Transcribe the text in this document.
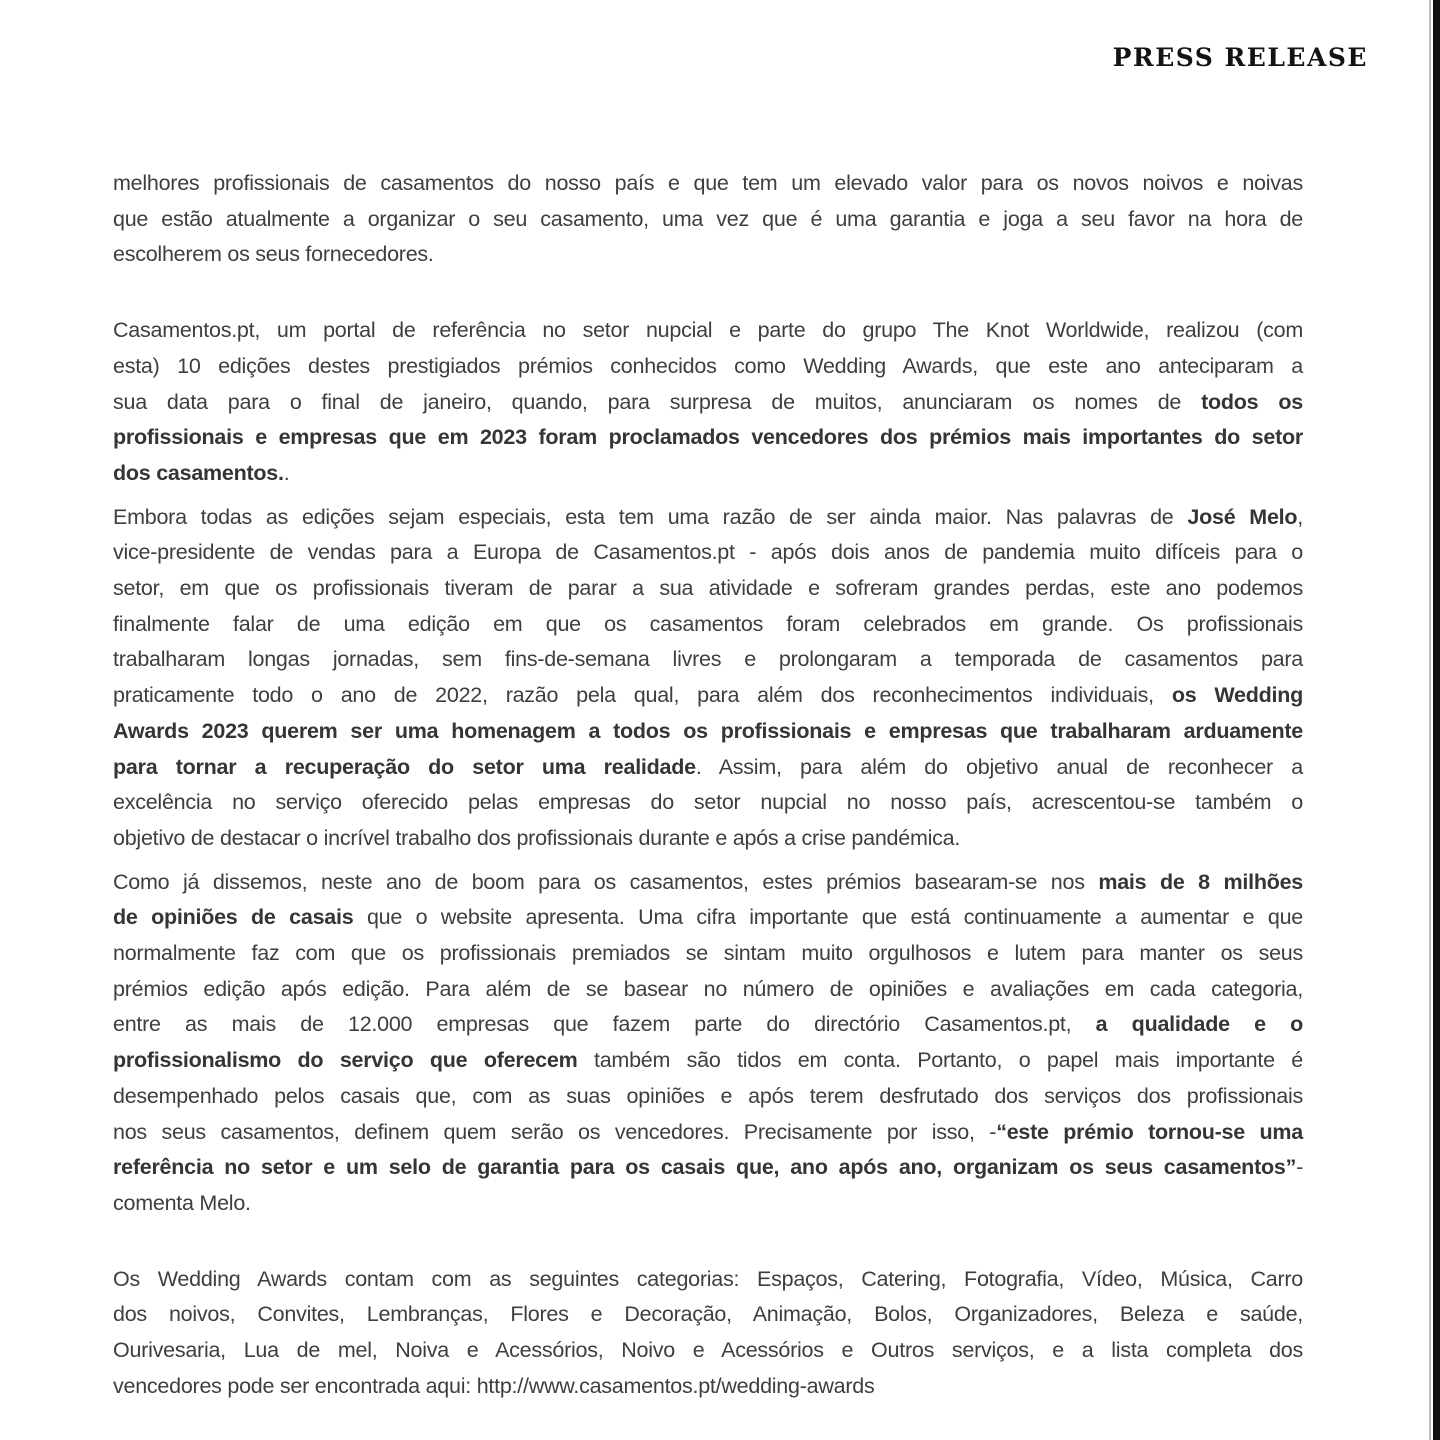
PRESS RELEASE
melhores profissionais de casamentos do nosso país e que tem um elevado valor para os novos noivos e noivas
que estão atualmente a organizar o seu casamento, uma vez que é uma garantia e joga a seu favor na hora de
escolherem os seus fornecedores.
Casamentos.pt, um portal de referência no setor nupcial e parte do grupo The Knot Worldwide, realizou (com
esta) 10 edições destes prestigiados prémios conhecidos como Wedding Awards, que este ano anteciparam a
sua data para o final de janeiro, quando, para surpresa de muitos, anunciaram os nomes de todos os
profissionais e empresas que em 2023 foram proclamados vencedores dos prémios mais importantes do setor
dos casamentos..
Embora todas as edições sejam especiais, esta tem uma razão de ser ainda maior. Nas palavras de José Melo,
vice-presidente de vendas para a Europa de Casamentos.pt - após dois anos de pandemia muito difíceis para o
setor, em que os profissionais tiveram de parar a sua atividade e sofreram grandes perdas, este ano podemos
finalmente falar de uma edição em que os casamentos foram celebrados em grande. Os profissionais
trabalharam longas jornadas, sem fins-de-semana livres e prolongaram a temporada de casamentos para
praticamente todo o ano de 2022, razão pela qual, para além dos reconhecimentos individuais, os Wedding
Awards 2023 querem ser uma homenagem a todos os profissionais e empresas que trabalharam arduamente
para tornar a recuperação do setor uma realidade. Assim, para além do objetivo anual de reconhecer a
excelência no serviço oferecido pelas empresas do setor nupcial no nosso país, acrescentou-se também o
objetivo de destacar o incrível trabalho dos profissionais durante e após a crise pandémica.
Como já dissemos, neste ano de boom para os casamentos, estes prémios basearam-se nos mais de 8 milhões
de opiniões de casais que o website apresenta. Uma cifra importante que está continuamente a aumentar e que
normalmente faz com que os profissionais premiados se sintam muito orgulhosos e lutem para manter os seus
prémios edição após edição. Para além de se basear no número de opiniões e avaliações em cada categoria,
entre as mais de 12.000 empresas que fazem parte do directório Casamentos.pt, a qualidade e o
profissionalismo do serviço que oferecem também são tidos em conta. Portanto, o papel mais importante é
desempenhado pelos casais que, com as suas opiniões e após terem desfrutado dos serviços dos profissionais
nos seus casamentos, definem quem serão os vencedores. Precisamente por isso, -“este prémio tornou-se uma
referência no setor e um selo de garantia para os casais que, ano após ano, organizam os seus casamentos”-
comenta Melo.
Os Wedding Awards contam com as seguintes categorias: Espaços, Catering, Fotografia, Vídeo, Música, Carro
dos noivos, Convites, Lembranças, Flores e Decoração, Animação, Bolos, Organizadores, Beleza e saúde,
Ourivesaria, Lua de mel, Noiva e Acessórios, Noivo e Acessórios e Outros serviços, e a lista completa dos
vencedores pode ser encontrada aqui: http://www.casamentos.pt/wedding-awards
